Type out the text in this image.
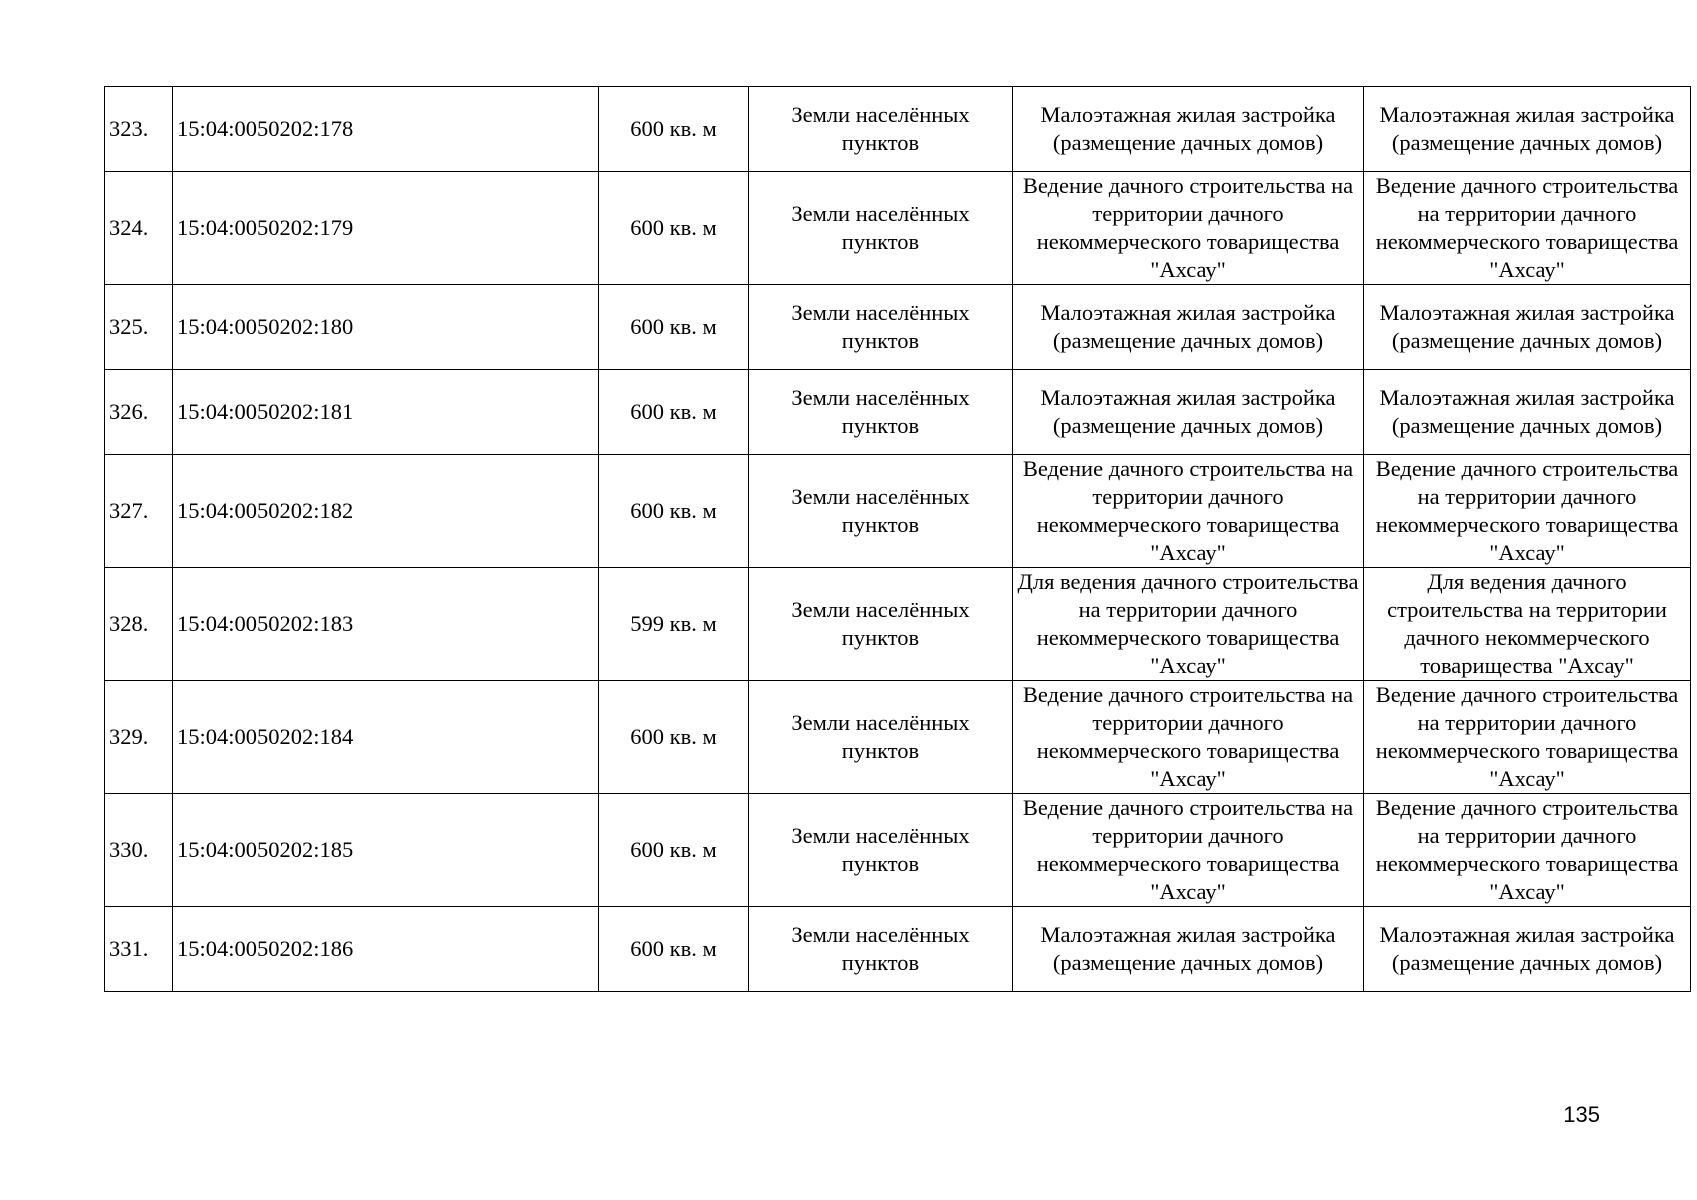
323.	15:04:0050202:178	600 кв. м	Земли населённых пунктов	Малоэтажная жилая застройка (размещение дачных домов)	Малоэтажная жилая застройка (размещение дачных домов)
324.	15:04:0050202:179	600 кв. м	Земли населённых пунктов	Ведение дачного строительства на территории дачного некоммерческого товарищества "Ахсау"	Ведение дачного строительства на территории дачного некоммерческого товарищества "Ахсау"
325.	15:04:0050202:180	600 кв. м	Земли населённых пунктов	Малоэтажная жилая застройка (размещение дачных домов)	Малоэтажная жилая застройка (размещение дачных домов)
326.	15:04:0050202:181	600 кв. м	Земли населённых пунктов	Малоэтажная жилая застройка (размещение дачных домов)	Малоэтажная жилая застройка (размещение дачных домов)
327.	15:04:0050202:182	600 кв. м	Земли населённых пунктов	Ведение дачного строительства на территории дачного некоммерческого товарищества "Ахсау"	Ведение дачного строительства на территории дачного некоммерческого товарищества "Ахсау"
328.	15:04:0050202:183	599 кв. м	Земли населённых пунктов	Для ведения дачного строительства на территории дачного некоммерческого товарищества "Ахсау"	Для ведения дачного строительства на территории дачного некоммерческого товарищества "Ахсау"
329.	15:04:0050202:184	600 кв. м	Земли населённых пунктов	Ведение дачного строительства на территории дачного некоммерческого товарищества "Ахсау"	Ведение дачного строительства на территории дачного некоммерческого товарищества "Ахсау"
330.	15:04:0050202:185	600 кв. м	Земли населённых пунктов	Ведение дачного строительства на территории дачного некоммерческого товарищества "Ахсау"	Ведение дачного строительства на территории дачного некоммерческого товарищества "Ахсау"
331.	15:04:0050202:186	600 кв. м	Земли населённых пунктов	Малоэтажная жилая застройка (размещение дачных домов)	Малоэтажная жилая застройка (размещение дачных домов)
135
